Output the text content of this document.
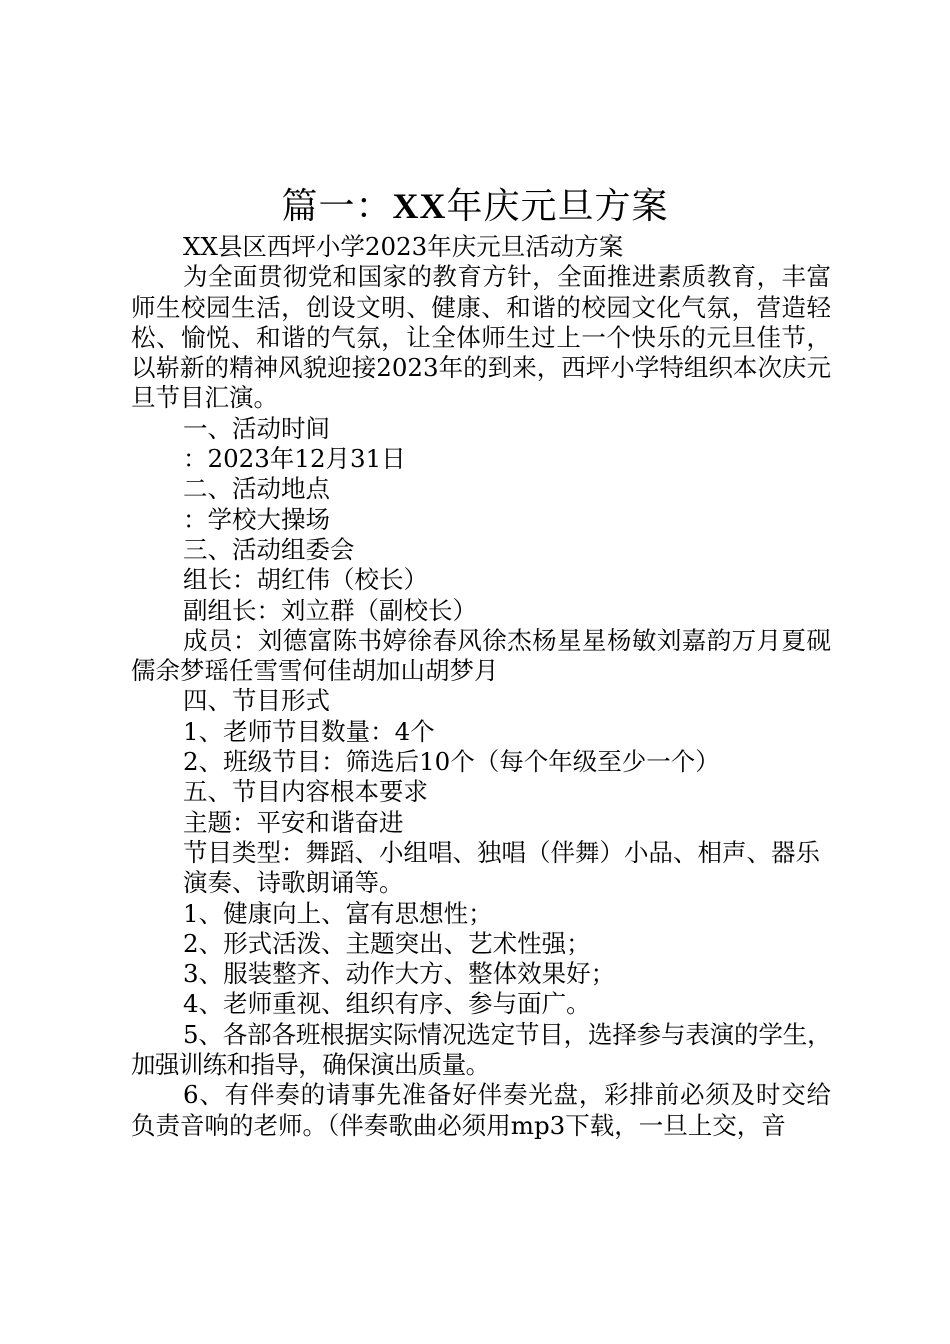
篇一：XX年庆元旦方案

XX县区西坪小学2023年庆元旦活动方案

为全面贯彻党和国家的教育方针，全面推进素质教育，丰富师生校园生活，创设文明、健康、和谐的校园文化气氛，营造轻松、愉悦、和谐的气氛，让全体师生过上一个快乐的元旦佳节，以崭新的精神风貌迎接2023年的到来，西坪小学特组织本次庆元旦节目汇演。

一、活动时间

：2023年12月31日

二、活动地点

：学校大操场

三、活动组委会

组长：胡红伟（校长）

副组长：刘立群（副校长）

成员：刘德富陈书婷徐春风徐杰杨星星杨敏刘嘉韵万月夏砚儒余梦瑶任雪雪何佳胡加山胡梦月

四、节目形式

1、老师节目数量：4个

2、班级节目：筛选后10个（每个年级至少一个）

五、节目内容根本要求

主题：平安和谐奋进

节目类型：舞蹈、小组唱、独唱（伴舞）小品、相声、器乐

演奏、诗歌朗诵等。

1、健康向上、富有思想性；

2、形式活泼、主题突出、艺术性强；

3、服装整齐、动作大方、整体效果好；

4、老师重视、组织有序、参与面广。

5、各部各班根据实际情况选定节目，选择参与表演的学生，加强训练和指导，确保演出质量。

6、有伴奏的请事先准备好伴奏光盘，彩排前必须及时交给负责音响的老师。（伴奏歌曲必须用mp3下载，一旦上交，音
